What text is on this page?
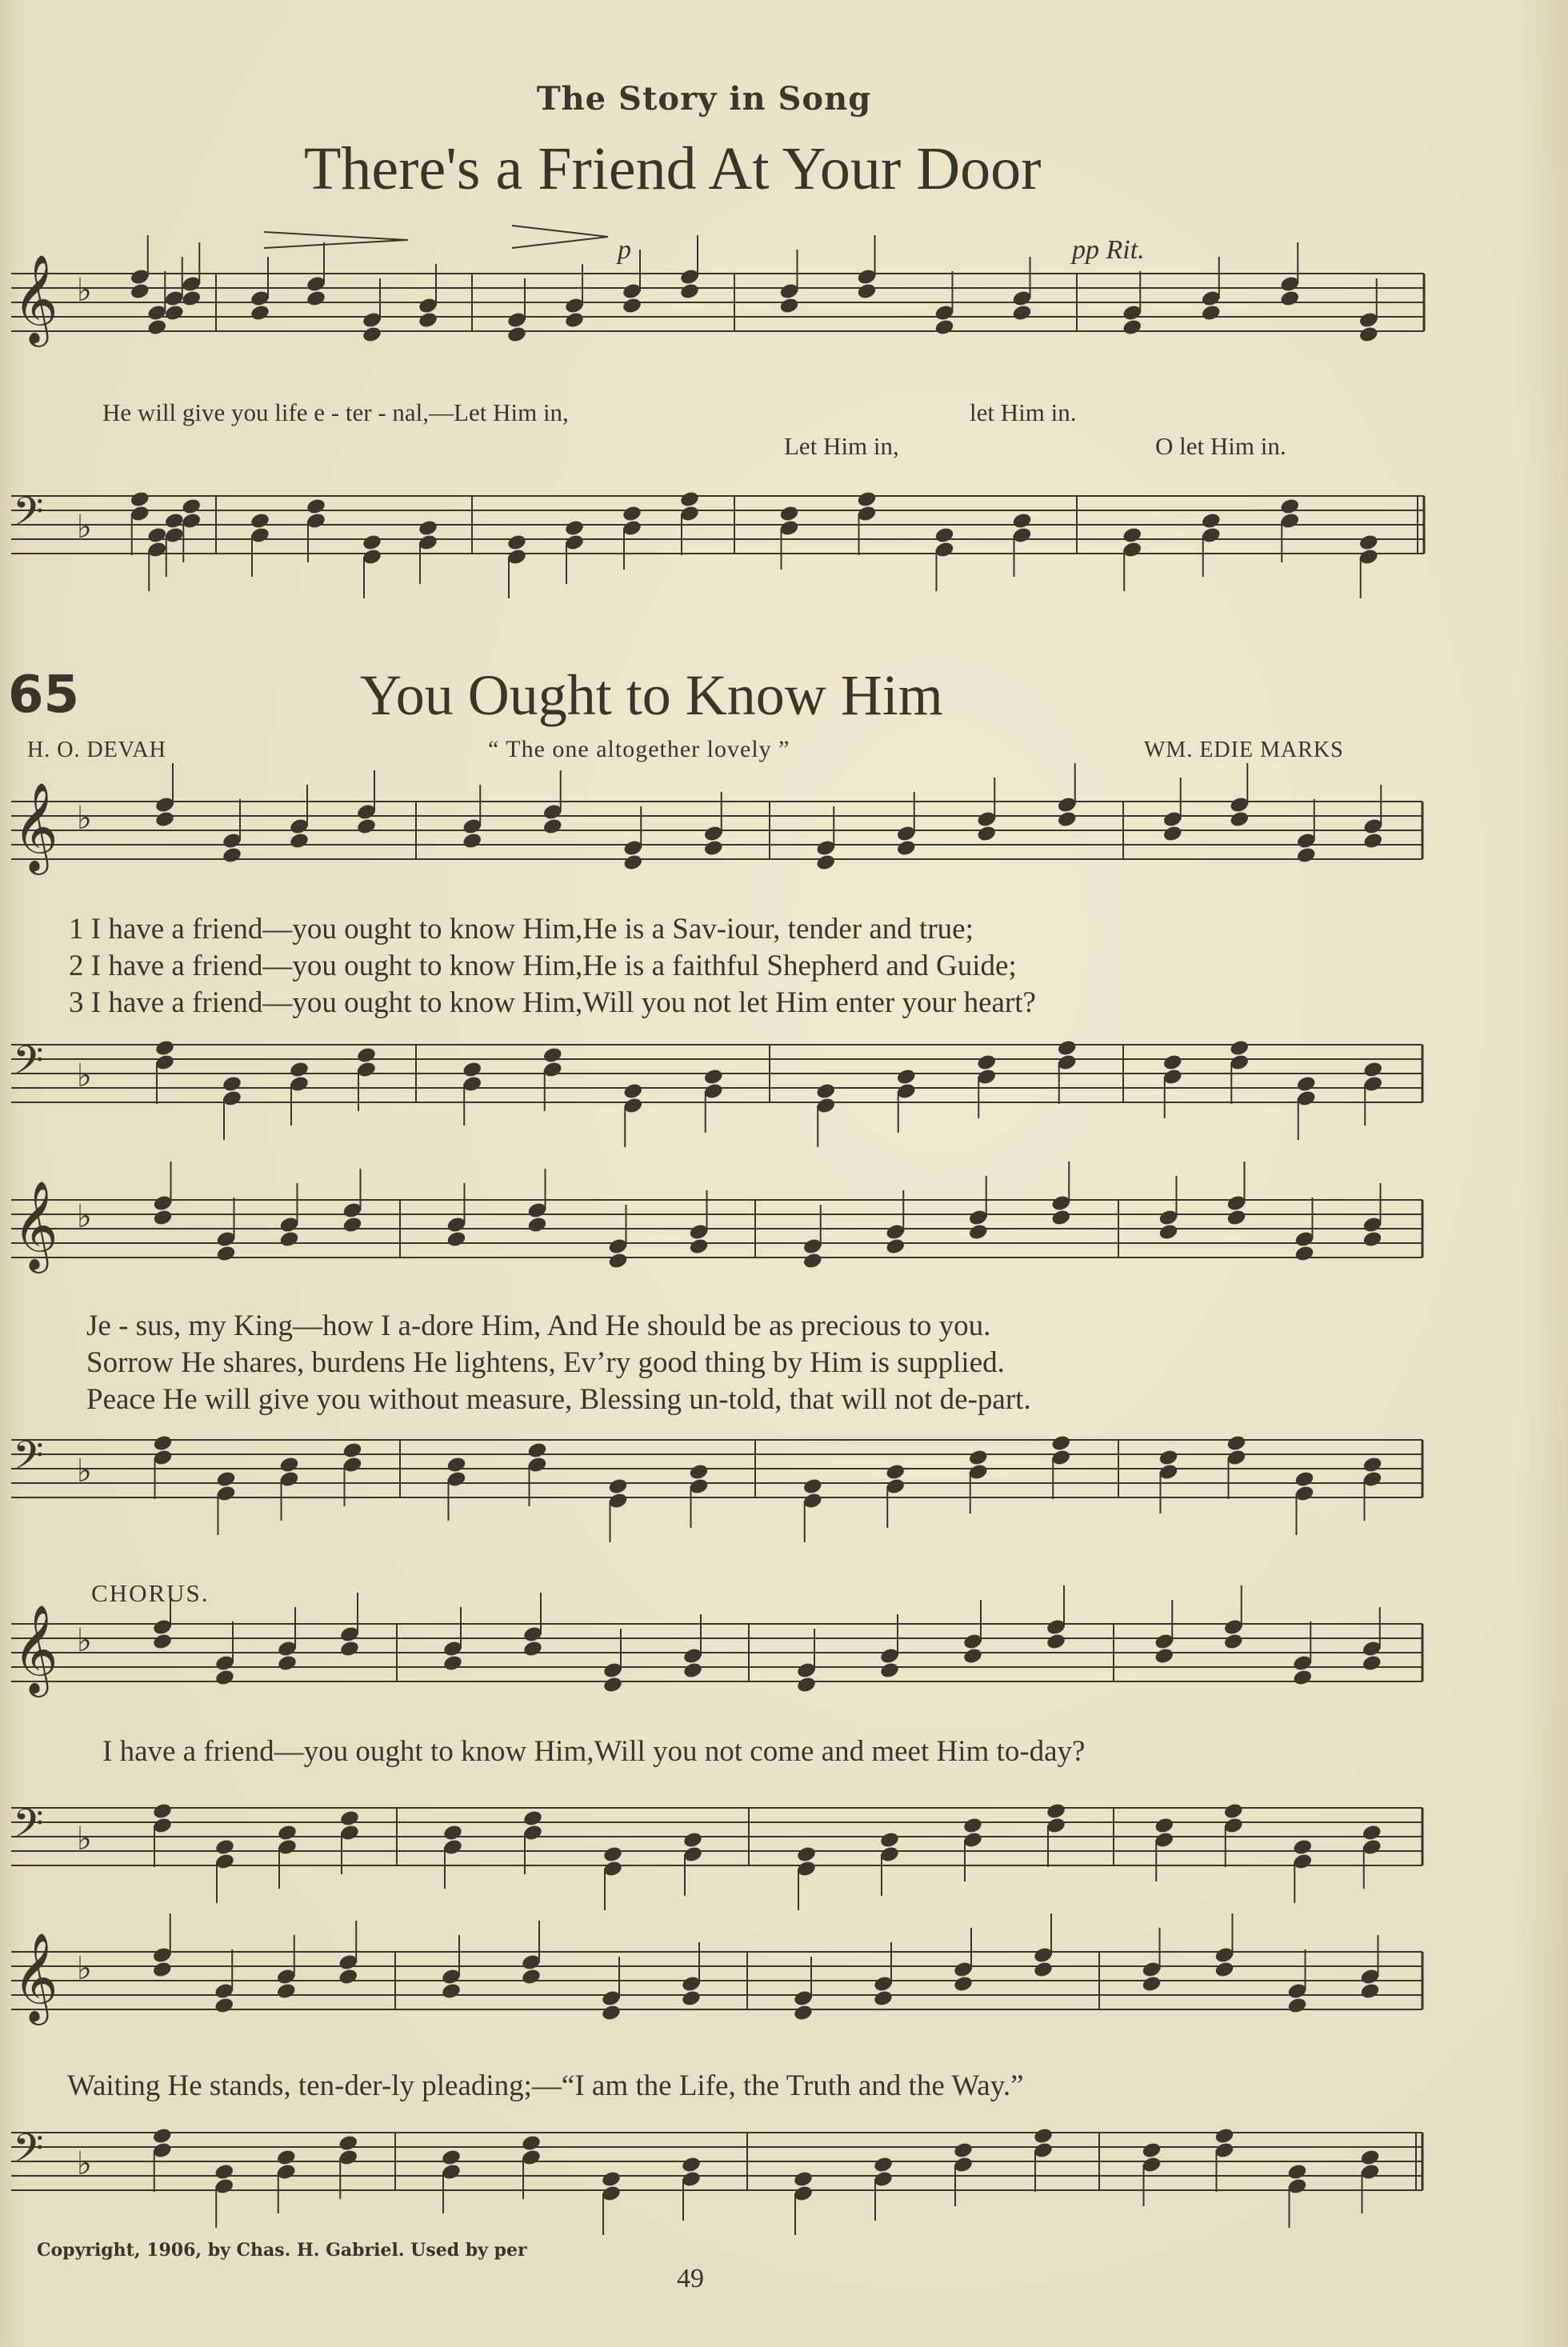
The Story in Song
There's a Friend At Your Door
p	pp Rit.
He will give you life e - ter - nal,—Let Him in,	let Him in.
Let Him in,	O let Him in.
65	You Ought to Know Him
H. O. DEVAH	“ The one altogether lovely ”	WM. EDIE MARKS
1 I have a friend—you ought to know Him,He is a Sav-iour, tender and true;
2 I have a friend—you ought to know Him,He is a faithful Shepherd and Guide;
3 I have a friend—you ought to know Him,Will you not let Him enter your heart?
Je - sus, my King—how I a-dore Him, And He should be as precious to you.
Sorrow He shares, burdens He lightens, Ev’ry good thing by Him is supplied.
Peace He will give you without measure, Blessing un-told, that will not de-part.
CHORUS.
I have a friend—you ought to know Him,Will you not come and meet Him to-day?
Waiting He stands, ten-der-ly pleading;—“I am the Life, the Truth and the Way.”
Copyright, 1906, by Chas. H. Gabriel. Used by per
49
𝄞 ♭
𝄢 ♭
𝄞 ♭
𝄢 ♭
𝄞 ♭
𝄢 ♭
𝄞 ♭
𝄢 ♭
𝄞 ♭
𝄢 ♭
